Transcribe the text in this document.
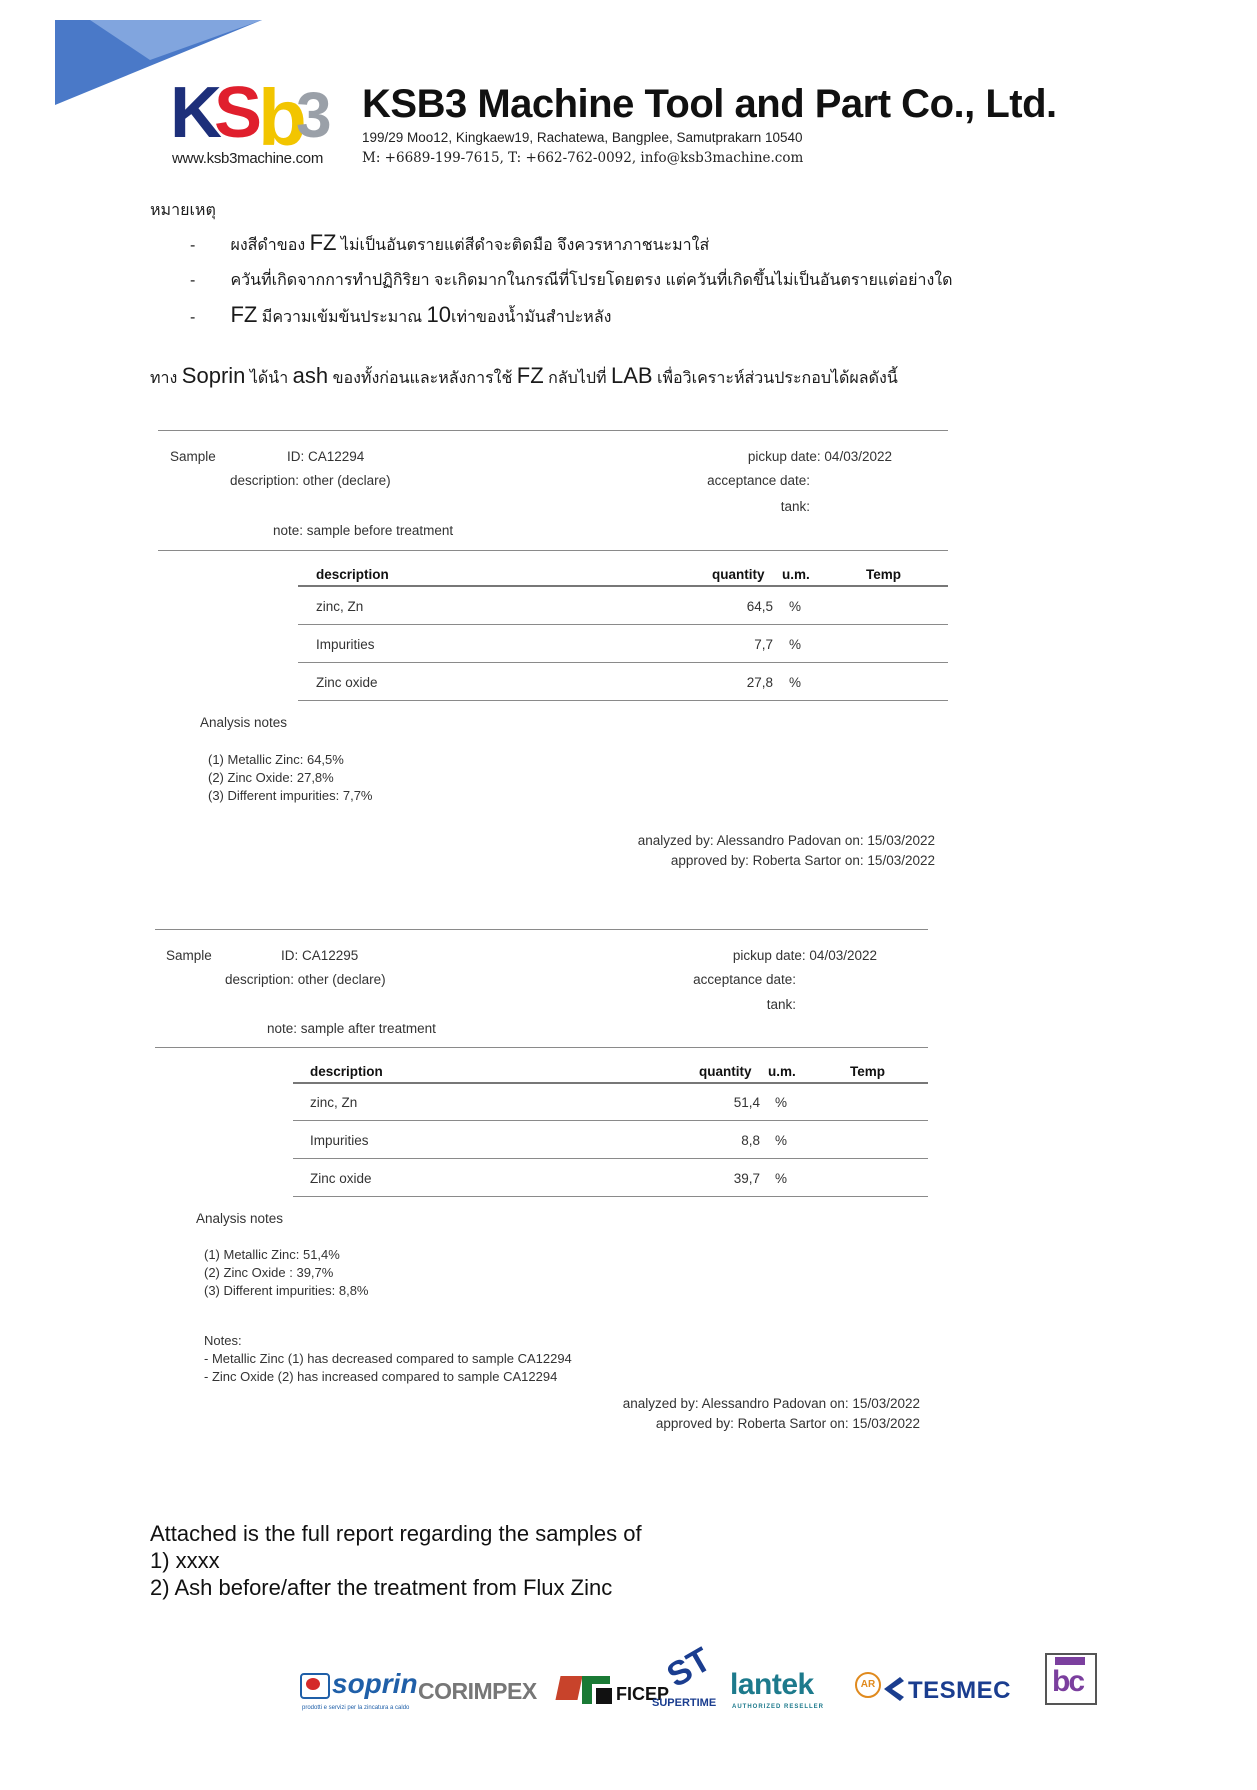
K
S b
3
www.ksb3machine.com
KSB3 Machine Tool and Part Co., Ltd.
199/29 Moo12, Kingkaew19, Rachatewa, Bangplee, Samutprakarn 10540
M: +6689-199-7615, T: +662-762-0092, info@ksb3machine.com
หมายเหตุ
- ผงสีดำของ FZ ไม่เป็นอันตรายแต่สีดำจะติดมือ จึงควรหาภาชนะมาใส่
- ควันที่เกิดจากการทำปฏิกิริยา จะเกิดมากในกรณีที่โปรยโดยตรง แต่ควันที่เกิดขึ้นไม่เป็นอันตรายแต่อย่างใด
- FZ มีความเข้มข้นประมาณ 10เท่าของน้ำมันสำปะหลัง
ทาง Soprin ได้นำ ash ของทั้งก่อนและหลังการใช้ FZ กลับไปที่ LAB เพื่อวิเคราะห์ส่วนประกอบได้ผลดังนี้
Sample	ID: CA12294
description: other (declare)
note: sample before treatment
pickup date: 04/03/2022
acceptance date:
tank:
description	quantity u.m.	Temp
zinc, Zn	64,5 %
Impurities	7,7 %
Zinc oxide	27,8 %
Analysis notes
(1) Metallic Zinc: 64,5%
(2) Zinc Oxide: 27,8%
(3) Different impurities: 7,7%
analyzed by: Alessandro Padovan on: 15/03/2022
approved by: Roberta Sartor on: 15/03/2022
Sample	ID: CA12295
description: other (declare)
note: sample after treatment
pickup date: 04/03/2022
acceptance date:
tank:
description	quantity u.m.	Temp
zinc, Zn	51,4 %
Impurities	8,8 %
Zinc oxide	39,7 %
Analysis notes
(1) Metallic Zinc: 51,4%
(2) Zinc Oxide : 39,7%
(3) Different impurities: 8,8%
Notes:
- Metallic Zinc (1) has decreased compared to sample CA12294
- Zinc Oxide (2) has increased compared to sample CA12294
analyzed by: Alessandro Padovan on: 15/03/2022
approved by: Roberta Sartor on: 15/03/2022
Attached is the full report regarding the samples of
1) xxxx
2) Ash before/after the treatment from Flux Zinc
soprin
prodotti e servizi per la zincatura a caldo
CORIMPEX	FICEP
ST
SUPERTIME
lantek
AUTHORIZED RESELLER
AR TESMEC bc
